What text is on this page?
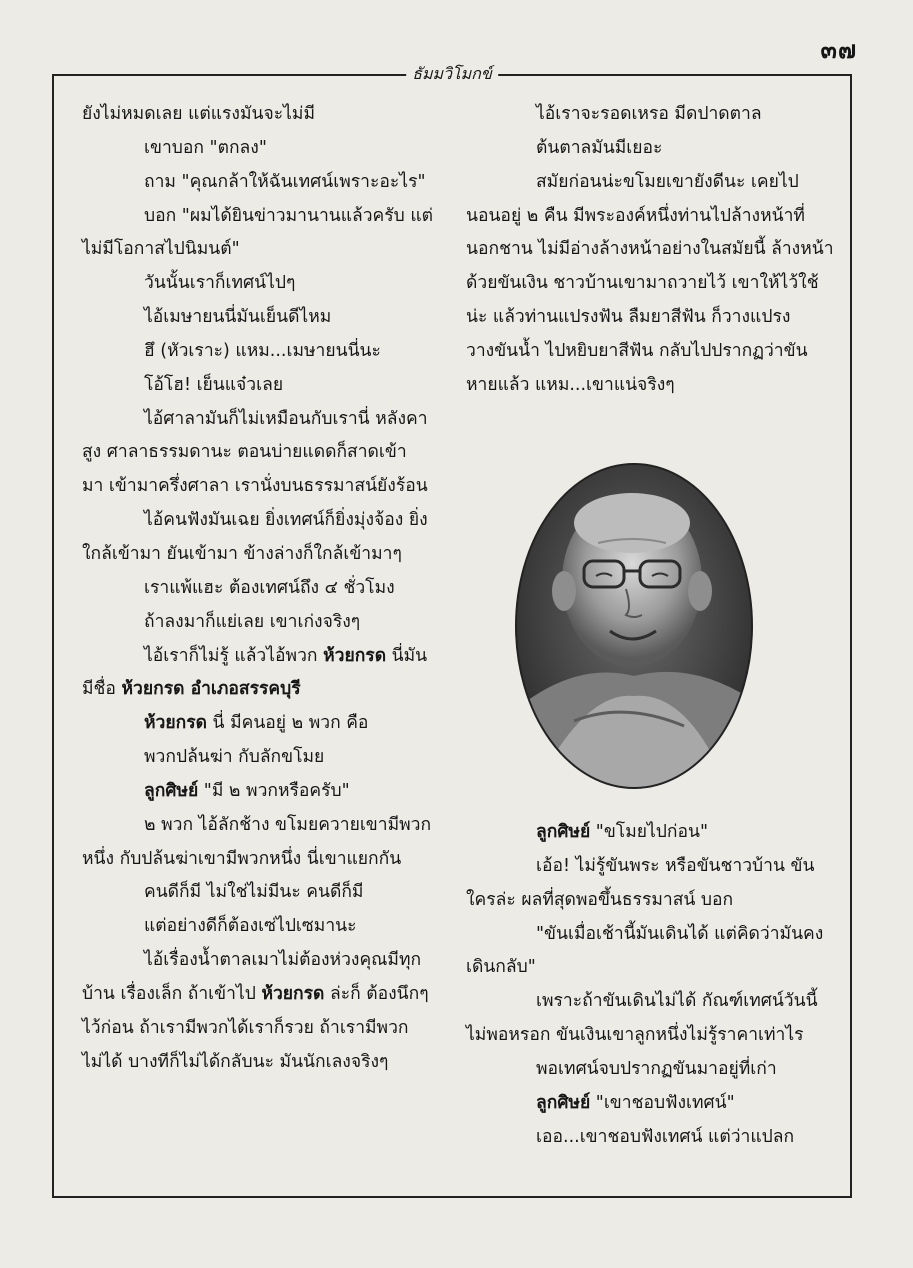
๓๗
ธัมมวิโมกข์
ยังไม่หมดเลย แต่แรงมันจะไม่มี
เขาบอก "ตกลง"
ถาม "คุณกล้าให้ฉันเทศน์เพราะอะไร"
บอก "ผมได้ยินข่าวมานานแล้วครับ แต่
ไม่มีโอกาสไปนิมนต์"
วันนั้นเราก็เทศน์ไปๆ
ไอ้เมษายนนี่มันเย็นดีไหม
ฮึ (หัวเราะ) แหม...เมษายนนี่นะ
โอ้โฮ! เย็นแจ๋วเลย
ไอ้ศาลามันก็ไม่เหมือนกับเรานี่ หลังคา
สูง ศาลาธรรมดานะ ตอนบ่ายแดดก็สาดเข้า
มา เข้ามาครึ่งศาลา เรานั่งบนธรรมาสน์ยังร้อน
ไอ้คนฟังมันเฉย ยิ่งเทศน์ก็ยิ่งมุ่งจ้อง ยิ่ง
ใกล้เข้ามา ยันเข้ามา ข้างล่างก็ใกล้เข้ามาๆ
เราแพ้แฮะ ต้องเทศน์ถึง ๔ ชั่วโมง
ถ้าลงมาก็แย่เลย เขาเก่งจริงๆ
ไอ้เราก็ไม่รู้ แล้วไอ้พวก ห้วยกรด นี่มัน
มีชื่อ ห้วยกรด อำเภอสรรคบุรี
ห้วยกรด นี่ มีคนอยู่ ๒ พวก คือ
พวกปล้นฆ่า กับลักขโมย
ลูกศิษย์ "มี ๒ พวกหรือครับ"
๒ พวก ไอ้ลักช้าง ขโมยควายเขามีพวก
หนึ่ง กับปล้นฆ่าเขามีพวกหนึ่ง นี่เขาแยกกัน
คนดีก็มี ไม่ใช่ไม่มีนะ คนดีก็มี
แต่อย่างดีก็ต้องเซ่ไปเซมานะ
ไอ้เรื่องน้ำตาลเมาไม่ต้องห่วงคุณมีทุก
บ้าน เรื่องเล็ก ถ้าเข้าไป ห้วยกรด ล่ะก็ ต้องนึกๆ
ไว้ก่อน ถ้าเรามีพวกได้เราก็รวย ถ้าเรามีพวก
ไม่ได้ บางทีก็ไม่ได้กลับนะ มันนักเลงจริงๆ
ไอ้เราจะรอดเหรอ มีดปาดตาล
ต้นตาลมันมีเยอะ
สมัยก่อนน่ะขโมยเขายังดีนะ เคยไป
นอนอยู่ ๒ คืน มีพระองค์หนึ่งท่านไปล้างหน้าที่
นอกชาน ไม่มีอ่างล้างหน้าอย่างในสมัยนี้ ล้างหน้า
ด้วยขันเงิน ชาวบ้านเขามาถวายไว้ เขาให้ไว้ใช้
น่ะ แล้วท่านแปรงฟัน ลืมยาสีฟัน ก็วางแปรง
วางขันน้ำ ไปหยิบยาสีฟัน กลับไปปรากฏว่าขัน
หายแล้ว แหม...เขาแน่จริงๆ
ลูกศิษย์ "ขโมยไปก่อน"
เอ้อ! ไม่รู้ขันพระ หรือขันชาวบ้าน ขัน
ใครล่ะ ผลที่สุดพอขึ้นธรรมาสน์ บอก
"ขันเมื่อเช้านี้มันเดินได้ แต่คิดว่ามันคง
เดินกลับ"
เพราะถ้าขันเดินไม่ได้ กัณฑ์เทศน์วันนี้
ไม่พอหรอก ขันเงินเขาลูกหนึ่งไม่รู้ราคาเท่าไร
พอเทศน์จบปรากฏขันมาอยู่ที่เก่า
ลูกศิษย์ "เขาชอบฟังเทศน์"
เออ...เขาชอบฟังเทศน์ แต่ว่าแปลก
